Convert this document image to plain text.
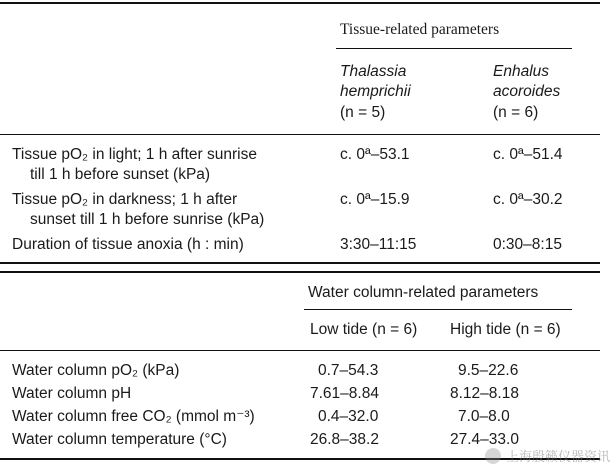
Tissue-related parameters
Thalassia
hemprichii
(n = 5)
Enhalus
acoroides
(n = 6)
Tissue pO₂ in light; 1 h after sunrise
till 1 h before sunset (kPa)
c. 0ª–53.1	c. 0ª–51.4
Tissue pO₂ in darkness; 1 h after
sunset till 1 h before sunrise (kPa)
c. 0ª–15.9	c. 0ª–30.2
Duration of tissue anoxia (h : min)	3:30–11:15	0:30–8:15
Water column-related parameters
Low tide (n = 6) High tide (n = 6)
Water column pO₂ (kPa)	0.7–54.3	9.5–22.6
Water column pH	7.61–8.84	8.12–8.18
Water column free CO₂ (mmol m⁻³)	0.4–32.0	7.0–8.0
Water column temperature (°C)	26.8–38.2	27.4–33.0
上海殷籁仪器资讯
